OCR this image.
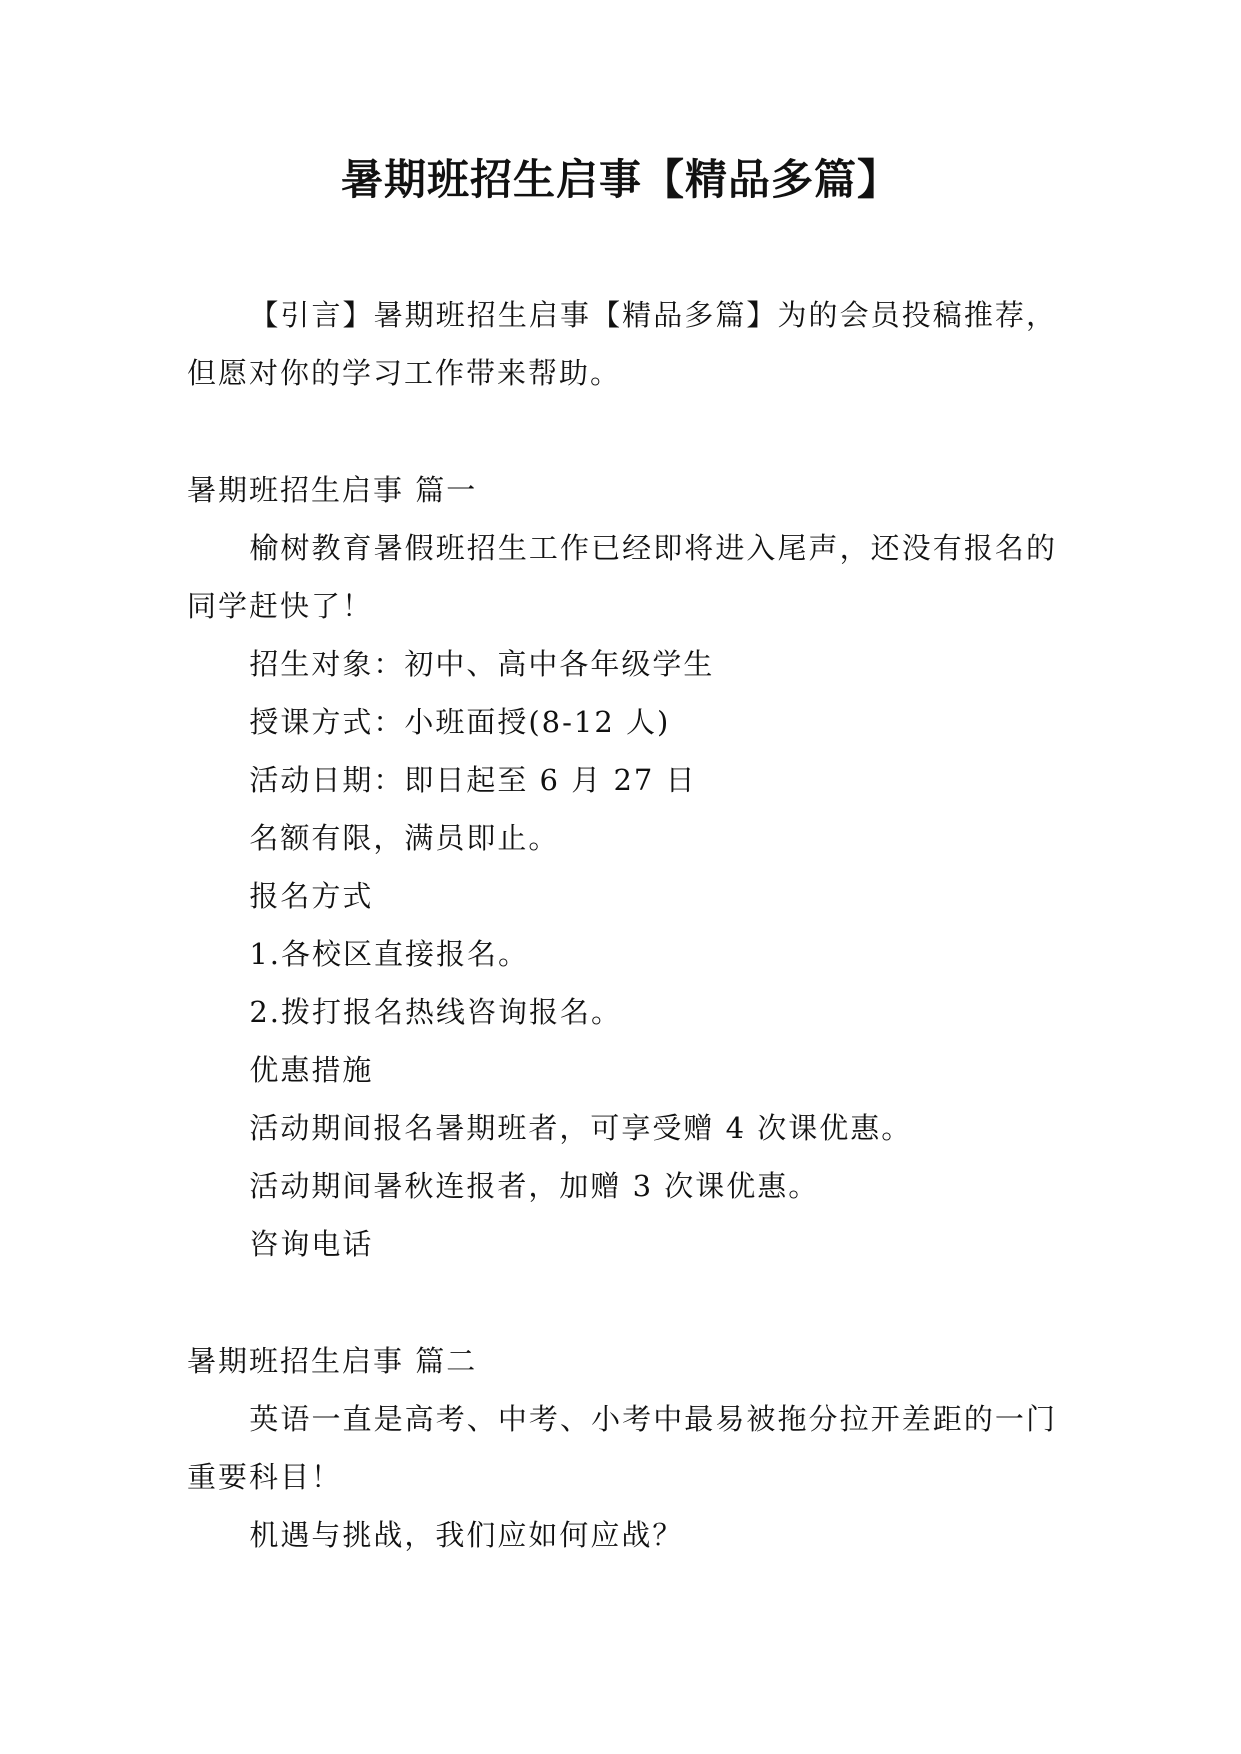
暑期班招生启事【精品多篇】

【引言】暑期班招生启事【精品多篇】为的会员投稿推荐，但愿对你的学习工作带来帮助。

暑期班招生启事 篇一

榆树教育暑假班招生工作已经即将进入尾声，还没有报名的同学赶快了！

招生对象：初中、高中各年级学生

授课方式：小班面授(8-12 人)

活动日期：即日起至 6 月 27 日

名额有限，满员即止。

报名方式

1.各校区直接报名。

2.拨打报名热线咨询报名。

优惠措施

活动期间报名暑期班者，可享受赠 4 次课优惠。

活动期间暑秋连报者，加赠 3 次课优惠。

咨询电话

暑期班招生启事 篇二

英语一直是高考、中考、小考中最易被拖分拉开差距的一门重要科目！

机遇与挑战，我们应如何应战？
